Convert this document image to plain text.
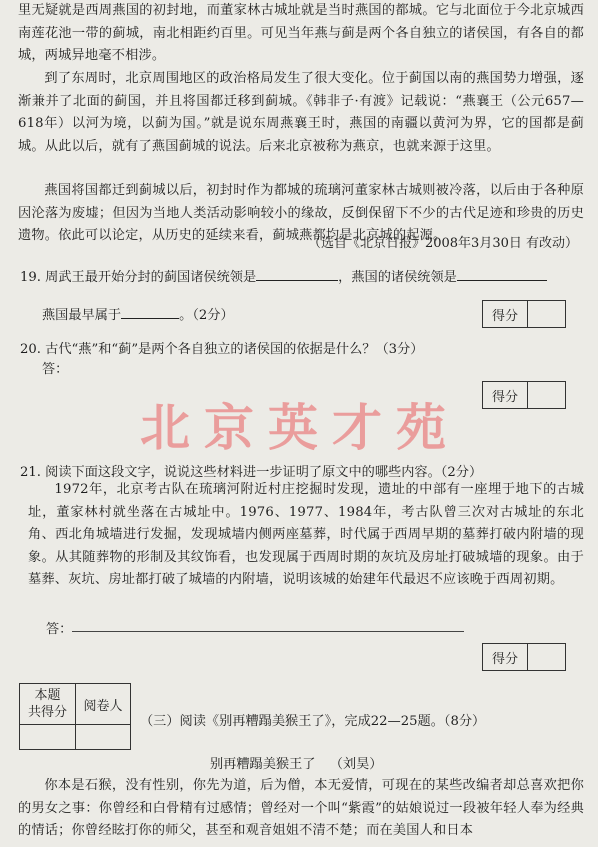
里无疑就是西周燕国的初封地，而董家林古城址就是当时燕国的都城。它与北面位于今北京城西南莲花池一带的蓟城，南北相距约百里。可见当年燕与蓟是两个各自独立的诸侯国，有各自的都城，两城异地毫不相涉。

到了东周时，北京周围地区的政治格局发生了很大变化。位于蓟国以南的燕国势力增强，逐渐兼并了北面的蓟国，并且将国都迁移到蓟城。《韩非子·有渡》记载说：“燕襄王（公元657—618年）以河为境，以蓟为国。”就是说东周燕襄王时，燕国的南疆以黄河为界，它的国都是蓟城。从此以后，就有了燕国蓟城的说法。后来北京被称为燕京，也就来源于这里。

燕国将国都迁到蓟城以后，初封时作为都城的琉璃河董家林古城则被冷落，以后由于各种原因沦落为废墟；但因为当地人类活动影响较小的缘故，反倒保留下不少的古代足迹和珍贵的历史遗物。依此可以论定，从历史的延续来看，蓟城燕都均是北京城的起源。

（选自《北京日报》2008年3月30日 有改动）
19. 周武王最开始分封的蓟国诸侯统领是	，燕国的诸侯统领是
燕国最早属于	。（2分）	得分
20. 古代“燕”和“蓟”是两个各自独立的诸侯国的依据是什么？（3分）
答：
得分
北京英才苑
21. 阅读下面这段文字，说说这些材料进一步证明了原文中的哪些内容。（2分）

1972年，北京考古队在琉璃河附近村庄挖掘时发现，遗址的中部有一座埋于地下的古城址，董家林村就坐落在古城址中。1976、1977、1984年，考古队曾三次对古城址的东北角、西北角城墙进行发掘，发现城墙内侧两座墓葬，时代属于西周早期的墓葬打破内附墙的现象。从其随葬物的形制及其纹饰看，也发现属于西周时期的灰坑及房址打破城墙的现象。由于墓葬、灰坑、房址都打破了城墙的内附墙，说明该城的始建年代最迟不应该晚于西周初期。

答：
得分
本题
共得分	阅卷人

（三）阅读《别再糟蹋美猴王了》，完成22—25题。（8分）
别再糟蹋美猴王了 （刘昊）

你本是石猴，没有性别，你先为道，后为僧，本无爱情，可现在的某些改编者却总喜欢把你的男女之事：你曾经和白骨精有过感情；曾经对一个叫“紫霞”的姑娘说过一段被年轻人奉为经典的情话；你曾经眩打你的师父，甚至和观音姐姐不清不楚；而在美国人和日本
